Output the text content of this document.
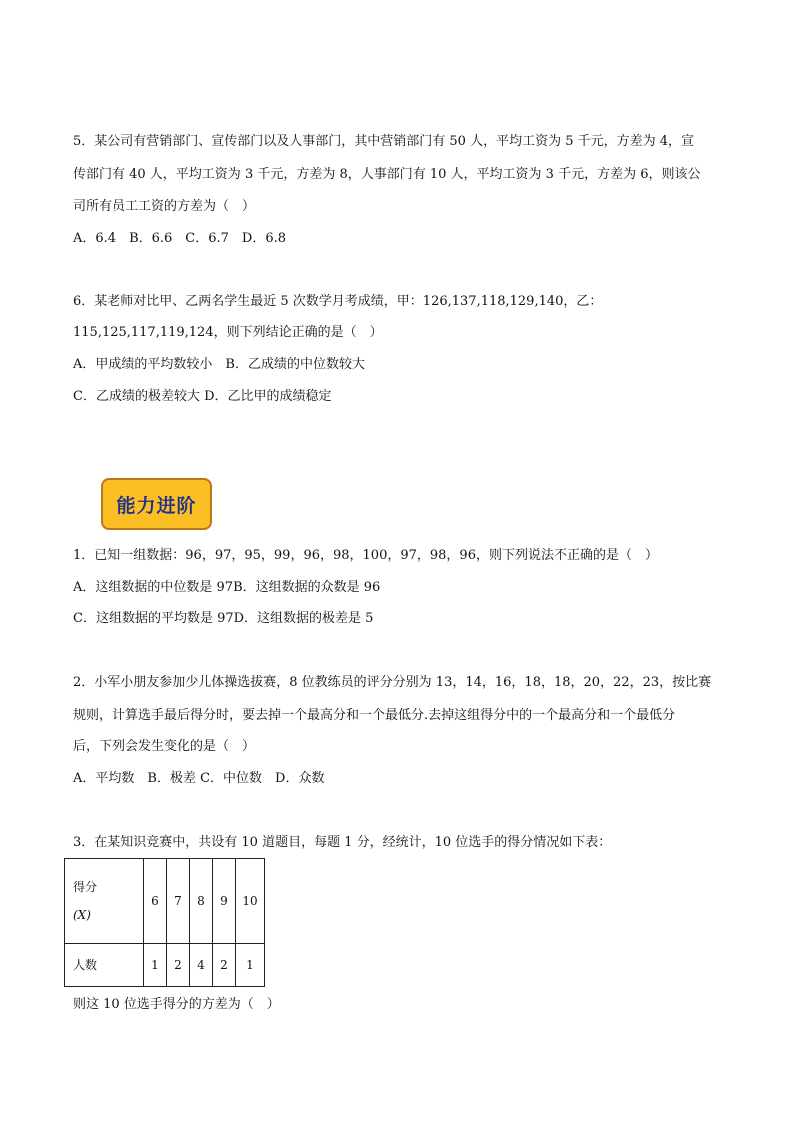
5．某公司有营销部门、宣传部门以及人事部门，其中营销部门有 50 人，平均工资为 5 千元，方差为 4，宣
传部门有 40 人，平均工资为 3 千元，方差为 8，人事部门有 10 人，平均工资为 3 千元，方差为 6，则该公
司所有员工工资的方差为（　）
A．6.4　B．6.6　C．6.7　D．6.8
6．某老师对比甲、乙两名学生最近 5 次数学月考成绩，甲：126,137,118,129,140，乙：
115,125,117,119,124，则下列结论正确的是（　）
A．甲成绩的平均数较小　B．乙成绩的中位数较大
C．乙成绩的极差较大 D．乙比甲的成绩稳定
能力进阶
1．已知一组数据：96，97，95，99，96，98，100，97，98，96，则下列说法不正确的是（　）
A．这组数据的中位数是 97B．这组数据的众数是 96
C．这组数据的平均数是 97D．这组数据的极差是 5
2．小军小朋友参加少儿体操选拔赛，8 位教练员的评分分别为 13，14，16，18，18，20，22，23，按比赛
规则，计算选手最后得分时，要去掉一个最高分和一个最低分.去掉这组得分中的一个最高分和一个最低分
后，下列会发生变化的是（　）
A．平均数　B．极差 C．中位数　D．众数
3．在某知识竞赛中，共设有 10 道题目，每题 1 分，经统计，10 位选手的得分情况如下表：
得分
(X)	6	7	8	9	10
人数	1	2	4	2	1
则这 10 位选手得分的方差为（　）
